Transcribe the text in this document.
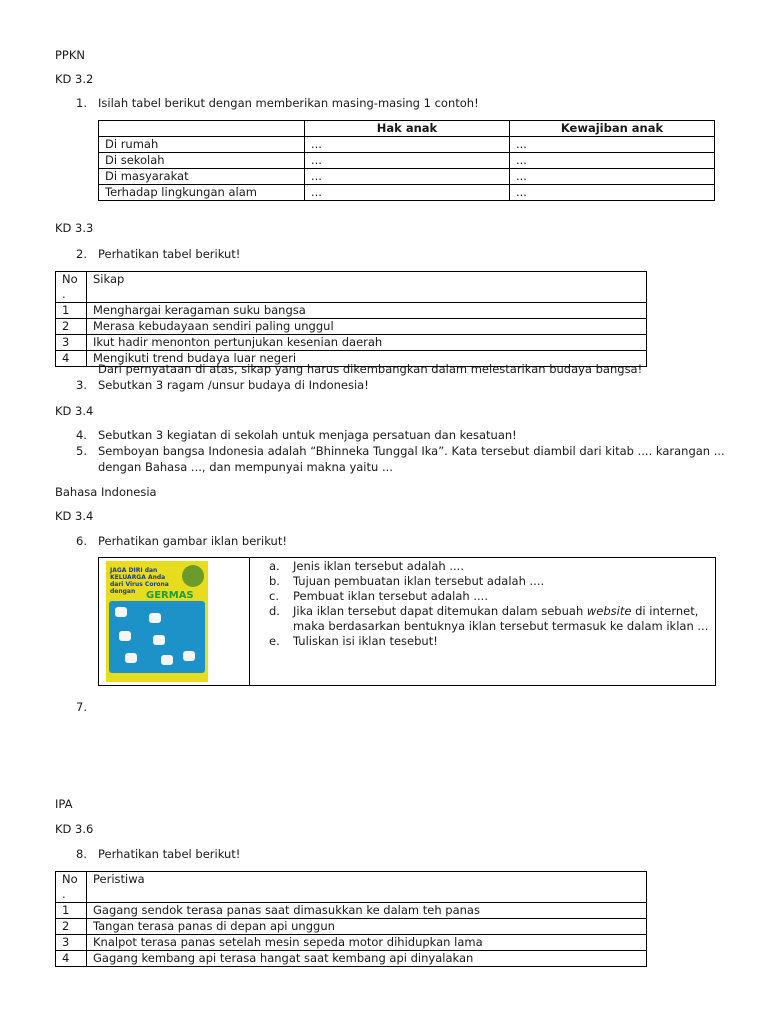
PPKN
KD 3.2
1. Isilah tabel berikut dengan memberikan masing-masing 1 contoh!
	Hak anak	Kewajiban anak
Di rumah	...	...
Di sekolah	...	...
Di masyarakat	...	...
Terhadap lingkungan alam	...	...
KD 3.3
2. Perhatikan tabel berikut!
No .	Sikap
1	Menghargai keragaman suku bangsa
2	Merasa kebudayaan sendiri paling unggul
3	Ikut hadir menonton pertunjukan kesenian daerah
4	Mengikuti trend budaya luar negeri
Dari pernyataan di atas, sikap yang harus dikembangkan dalam melestarikan budaya bangsa!
3. Sebutkan 3 ragam /unsur budaya di Indonesia!
KD 3.4
4. Sebutkan 3 kegiatan di sekolah untuk menjaga persatuan dan kesatuan!
5. Semboyan bangsa Indonesia adalah “Bhinneka Tunggal Ika”. Kata tersebut diambil dari kitab .... karangan ...
dengan Bahasa ..., dan mempunyai makna yaitu ...
Bahasa Indonesia
KD 3.4
6. Perhatikan gambar iklan berikut!
JAGA DIRI dan KELUARGA Anda dari Virus Corona dengan	GERMAS
a. Jenis iklan tersebut adalah ....
b. Tujuan pembuatan iklan tersebut adalah ....
c. Pembuat iklan tersebut adalah ....
d. Jika iklan tersebut dapat ditemukan dalam sebuah website di internet,
maka berdasarkan bentuknya iklan tersebut termasuk ke dalam iklan ...
e. Tuliskan isi iklan tesebut!
7.
IPA
KD 3.6
8. Perhatikan tabel berikut!
No .	Peristiwa
1	Gagang sendok terasa panas saat dimasukkan ke dalam teh panas
2	Tangan terasa panas di depan api unggun
3	Knalpot terasa panas setelah mesin sepeda motor dihidupkan lama
4	Gagang kembang api terasa hangat saat kembang api dinyalakan
